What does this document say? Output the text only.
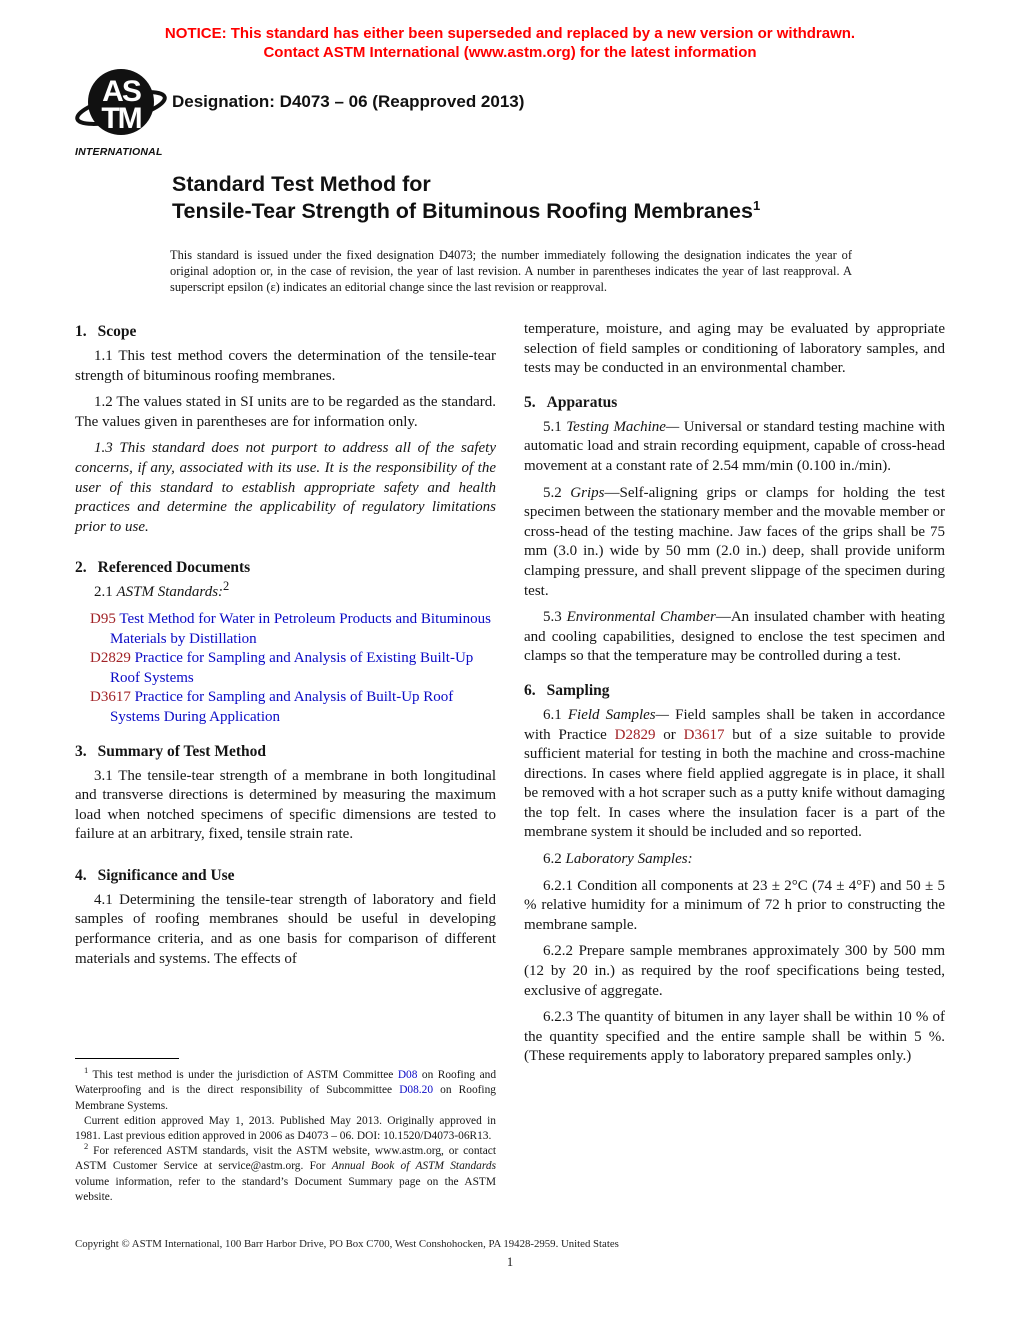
NOTICE: This standard has either been superseded and replaced by a new version or withdrawn.
Contact ASTM International (www.astm.org) for the latest information
AS
TM
INTERNATIONAL
Designation: D4073 – 06 (Reapproved 2013)
Standard Test Method for
Tensile-Tear Strength of Bituminous Roofing Membranes$^1$
This standard is issued under the fixed designation D4073; the number immediately following the designation indicates the year of original adoption or, in the case of revision, the year of last revision. A number in parentheses indicates the year of last reapproval. A superscript epsilon (ε) indicates an editorial change since the last revision or reapproval.
1. Scope

1.1 This test method covers the determination of the tensile-tear strength of bituminous roofing membranes.

1.2 The values stated in SI units are to be regarded as the standard. The values given in parentheses are for information only.

1.3 This standard does not purport to address all of the safety concerns, if any, associated with its use. It is the responsibility of the user of this standard to establish appropriate safety and health practices and determine the applicability of regulatory limitations prior to use.

2. Referenced Documents

2.1 ASTM Standards:$^2$

D95 Test Method for Water in Petroleum Products and Bituminous Materials by Distillation
D2829 Practice for Sampling and Analysis of Existing Built-Up Roof Systems
D3617 Practice for Sampling and Analysis of Built-Up Roof Systems During Application
3. Summary of Test Method

3.1 The tensile-tear strength of a membrane in both longitudinal and transverse directions is determined by measuring the maximum load when notched specimens of specific dimensions are tested to failure at an arbitrary, fixed, tensile strain rate.

4. Significance and Use

4.1 Determining the tensile-tear strength of laboratory and field samples of roofing membranes should be useful in developing performance criteria, and as one basis for comparison of different materials and systems. The effects of

$^1$ This test method is under the jurisdiction of ASTM Committee D08 on Roofing and Waterproofing and is the direct responsibility of Subcommittee D08.20 on Roofing Membrane Systems.

Current edition approved May 1, 2013. Published May 2013. Originally approved in 1981. Last previous edition approved in 2006 as D4073 – 06. DOI: 10.1520/D4073-06R13.

$^2$ For referenced ASTM standards, visit the ASTM website, www.astm.org, or contact ASTM Customer Service at service@astm.org. For Annual Book of ASTM Standards volume information, refer to the standard’s Document Summary page on the ASTM website.

temperature, moisture, and aging may be evaluated by appropriate selection of field samples or conditioning of laboratory samples, and tests may be conducted in an environmental chamber.

5. Apparatus

5.1 Testing Machine— Universal or standard testing machine with automatic load and strain recording equipment, capable of cross-head movement at a constant rate of 2.54 mm/min (0.100 in./min).

5.2 Grips—Self-aligning grips or clamps for holding the test specimen between the stationary member and the movable member or cross-head of the testing machine. Jaw faces of the grips shall be 75 mm (3.0 in.) wide by 50 mm (2.0 in.) deep, shall provide uniform clamping pressure, and shall prevent slippage of the specimen during test.

5.3 Environmental Chamber—An insulated chamber with heating and cooling capabilities, designed to enclose the test specimen and clamps so that the temperature may be controlled during a test.

6. Sampling

6.1 Field Samples— Field samples shall be taken in accordance with Practice D2829 or D3617 but of a size suitable to provide sufficient material for testing in both the machine and cross-machine directions. In cases where field applied aggregate is in place, it shall be removed with a hot scraper such as a putty knife without damaging the top felt. In cases where the insulation facer is a part of the membrane system it should be included and so reported.

6.2 Laboratory Samples:

6.2.1 Condition all components at 23 ± 2°C (74 ± 4°F) and 50 ± 5 % relative humidity for a minimum of 72 h prior to constructing the membrane sample.

6.2.2 Prepare sample membranes approximately 300 by 500 mm (12 by 20 in.) as required by the roof specifications being tested, exclusive of aggregate.

6.2.3 The quantity of bitumen in any layer shall be within 10 % of the quantity specified and the entire sample shall be within 5 %. (These requirements apply to laboratory prepared samples only.)

Copyright © ASTM International, 100 Barr Harbor Drive, PO Box C700, West Conshohocken, PA 19428-2959. United States
1
